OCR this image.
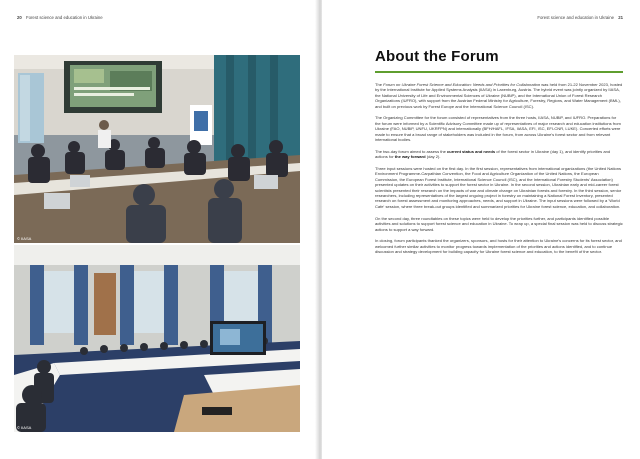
20 Forest science and education in Ukraine
© IIASA
© IIASA
Forest science and education in Ukraine 21
About the Forum

The Forum on Ukraine Forest Science and Education: Needs and Priorities for Collaboration was held from 21-22 November 2023, hosted by the International Institute for Applied Systems Analysis (IIASA) in Laxenburg, Austria. The hybrid event was jointly organized by IIASA, the National University of Life and Environmental Sciences of Ukraine (NUBiP), and the International Union of Forest Research Organizations (IUFRO), with support from the Austrian Federal Ministry for Agriculture, Forestry, Regions, and Water Management (BML), and built on previous work by Forest Europe and the International Science Council (ISC).

The Organizing Committee for the forum consisted of representatives from the three hosts, IIASA, NUBiP, and IUFRO. Preparations for the forum were informed by a Scientific Advisory Committee made up of representatives of major research and education institutions from Ukraine (FAO, NUBiP, UNFU, UKRFPN) and internationally (BFH/HAFL, IFSA, IIASA, EFI, ISC, EFI-CNR, LUKE). Concerted efforts were made to ensure that a broad range of stakeholders was included in the forum, from across Ukraine's forest sector and from relevant international bodies.

The two-day forum aimed to assess the current status and needs of the forest sector in Ukraine (day 1), and identify priorities and actions for the way forward (day 2).

Three input sessions were hosted on the first day. In the first session, representatives from international organizations (the United Nations Environment Programme-Carpathian Convention, the Food and Agriculture Organization of the United Nations, the European Commission, the European Forest Institute, International Science Council (ISC), and the International Forestry Students' Association) presented updates on their activities to support the forest sector in Ukraine. In the second session, Ukrainian early and mid-career forest scientists presented their research on the impacts of war and climate change on Ukrainian forests and forestry. In the third session, senior researchers, including representatives of the largest ongoing project in forestry on maintaining a National Forest Inventory, presented research on forest assessment and monitoring approaches, needs, and support in Ukraine. The input sessions were followed by a 'World Cafe' session, where three break-out groups identified and summarized priorities for Ukraine forest science, education, and collaboration.

On the second day, three roundtables on these topics were held to develop the priorities further, and participants identified possible activities and solutions to support forest science and education in Ukraine. To wrap up, a special final session was held to discuss strategic actions to support a way forward.

In closing, forum participants thanked the organizers, sponsors, and hosts for their attention to Ukraine's concerns for its forest sector, and welcomed further similar activities to monitor progress towards implementation of the priorities and actions identified, and to continue discussion and strategy development for building capacity for Ukraine forest science and education, to the benefit of the sector.
